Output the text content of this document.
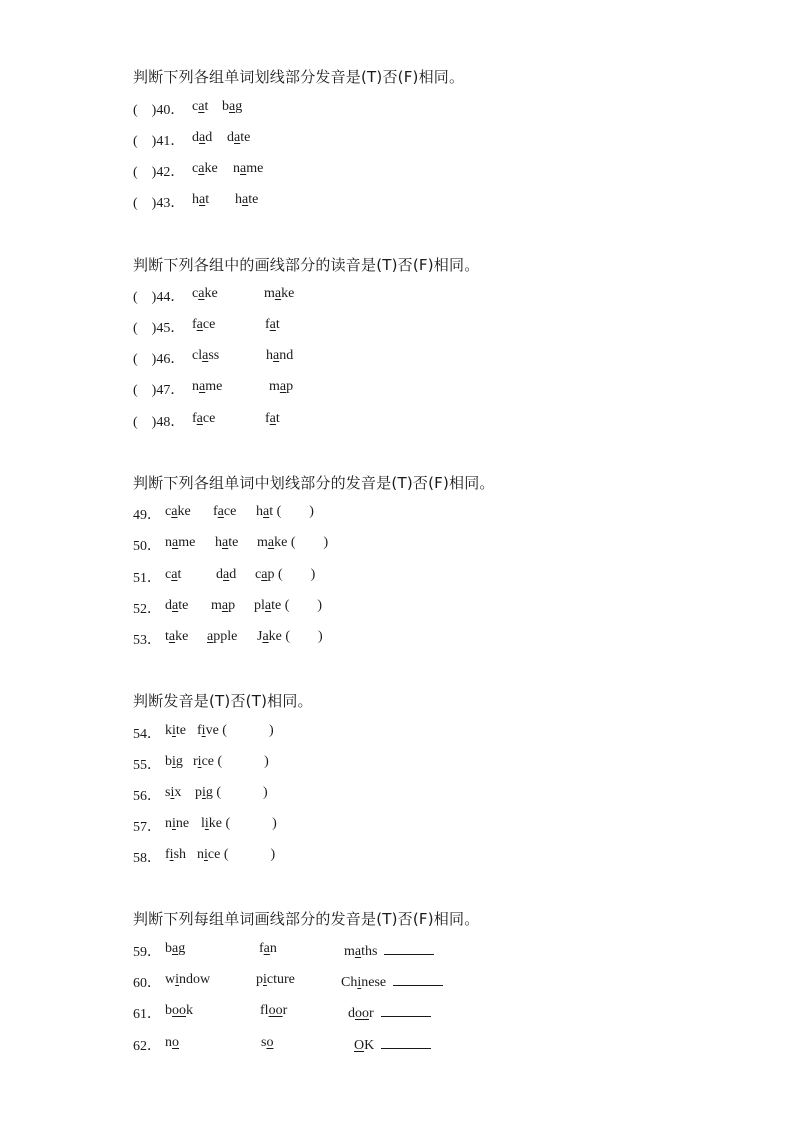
判断下列各组单词划线部分发音是(T)否(F)相同。
(    )40． cat bag
(    )41． dad date
(    )42． cake name
(    )43． hat hate
判断下列各组中的画线部分的读音是(T)否(F)相同。
(    )44． cake	make
(    )45． face	fat
(    )46． class	hand
(    )47． name	map
(    )48． face	fat
判断下列各组单词中划线部分的发音是(T)否(F)相同。
49． cake face hat (        )
50． name hate make (        )
51． cat dad cap (        )
52． date map plate (        )
53． take apple Jake (        )
判断发音是(T)否(T)相同。
54． kite five (            )
55． big rice (            )
56． six pig (            )
57． nine like (            )
58． fish nice (            )
判断下列每组单词画线部分的发音是(T)否(F)相同。
59． bag	fan	maths
60． window	picture	Chinese
61． book	floor	door
62． no	so	OK
